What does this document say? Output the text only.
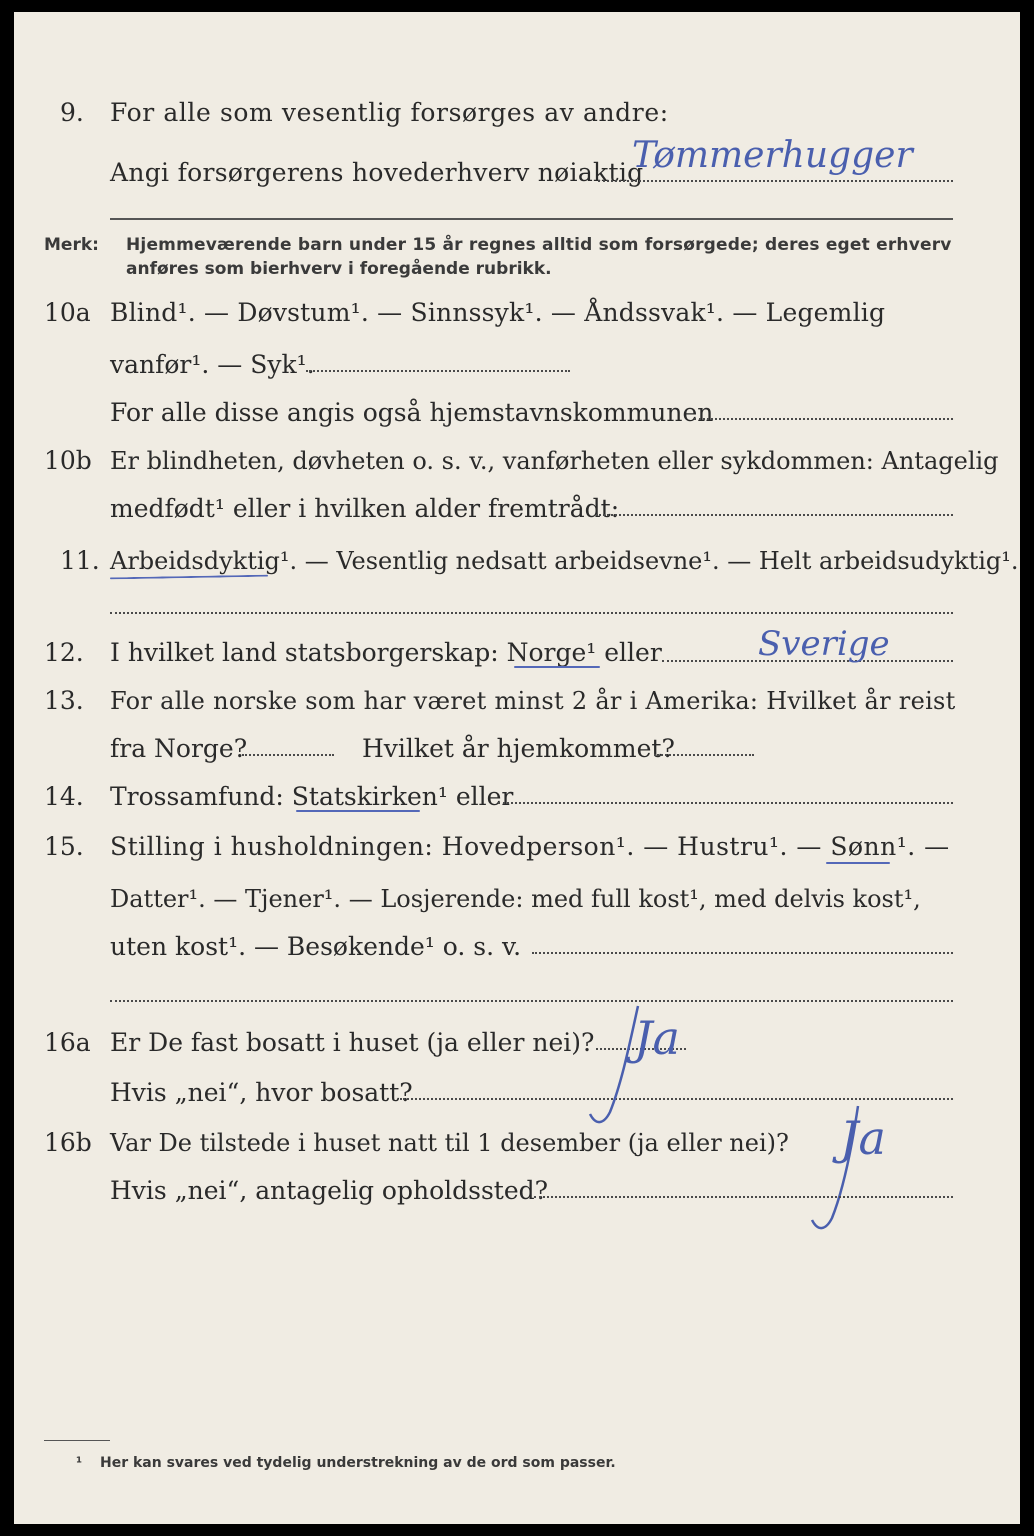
9. For alle som vesentlig forsørges av andre:
Angi forsørgerens hovederhverv nøiaktig
Tømmerhugger
Merk: Hjemmeværende barn under 15 år regnes alltid som forsørgede; deres eget erhverv
anføres som bierhverv i foregående rubrikk.
10a Blind¹. — Døvstum¹. — Sinnssyk¹. — Åndssvak¹. — Legemlig
vanfør¹. — Syk¹.
For alle disse angis også hjemstavnskommunen
10b Er blindheten, døvheten o. s. v., vanførheten eller sykdommen: Antagelig
medfødt¹ eller i hvilken alder fremtrådt:
11. Arbeidsdyktig¹. — Vesentlig nedsatt arbeidsevne¹. — Helt arbeidsudyktig¹.
12. I hvilket land statsborgerskap: Norge¹ eller	Sverige
13. For alle norske som har været minst 2 år i Amerika: Hvilket år reist
fra Norge?	Hvilket år hjemkommet?
14. Trossamfund: Statskirken¹ eller
15. Stilling i husholdningen: Hovedperson¹. — Hustru¹. — Sønn¹. —
Datter¹. — Tjener¹. — Losjerende: med full kost¹, med delvis kost¹,
uten kost¹. — Besøkende¹ o. s. v.
16a Er De fast bosatt i huset (ja eller nei)?
Hvis „nei“, hvor bosatt?
Ja
16b Var De tilstede i huset natt til 1 desember (ja eller nei)? Ja
Hvis „nei“, antagelig opholdssted?
¹ Her kan svares ved tydelig understrekning av de ord som passer.
